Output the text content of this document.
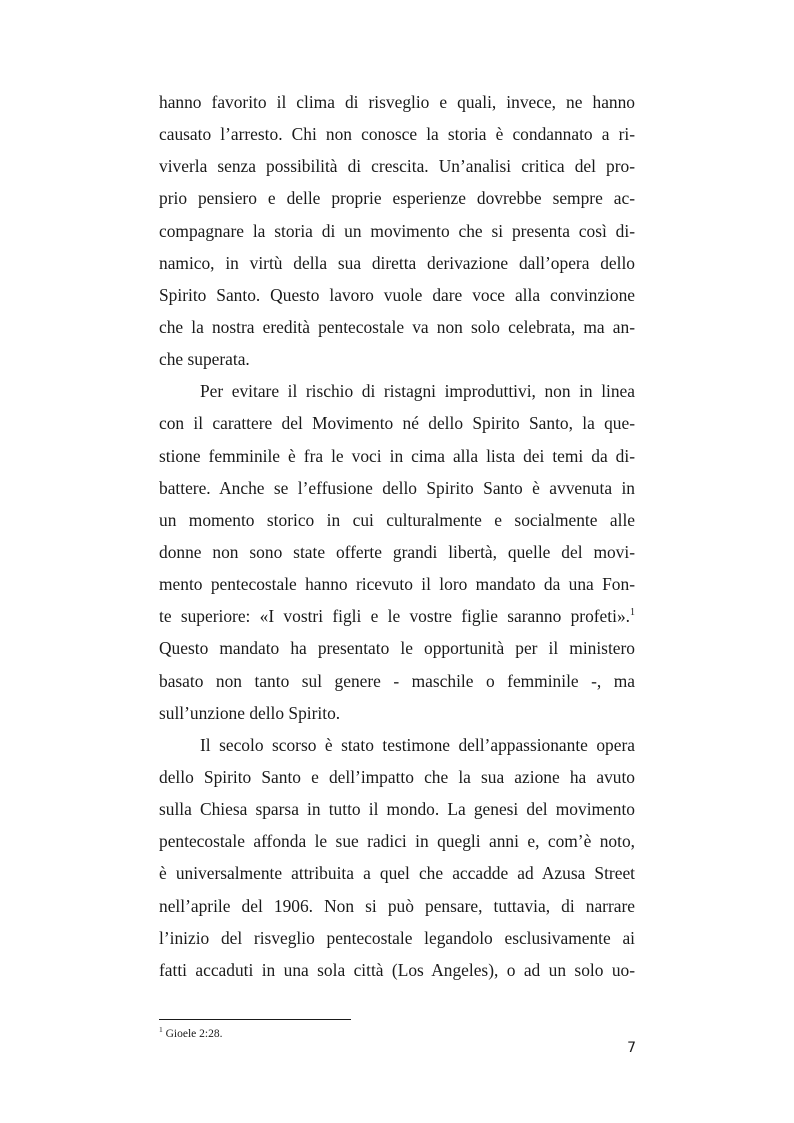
hanno favorito il clima di risveglio e quali, invece, ne hanno
causato l’arresto. Chi non conosce la storia è condannato a ri-
viverla senza possibilità di crescita. Un’analisi critica del pro-
prio pensiero e delle proprie esperienze dovrebbe sempre ac-
compagnare la storia di un movimento che si presenta così di-
namico, in virtù della sua diretta derivazione dall’opera dello
Spirito Santo. Questo lavoro vuole dare voce alla convinzione
che la nostra eredità pentecostale va non solo celebrata, ma an-
che superata.
Per evitare il rischio di ristagni improduttivi, non in linea
con il carattere del Movimento né dello Spirito Santo, la que-
stione femminile è fra le voci in cima alla lista dei temi da di-
battere. Anche se l’effusione dello Spirito Santo è avvenuta in
un momento storico in cui culturalmente e socialmente alle
donne non sono state offerte grandi libertà, quelle del movi-
mento pentecostale hanno ricevuto il loro mandato da una Fon-
te superiore: «I vostri figli e le vostre figlie saranno profeti».$^1$
Questo mandato ha presentato le opportunità per il ministero
basato non tanto sul genere - maschile o femminile -, ma
sull’unzione dello Spirito.
Il secolo scorso è stato testimone dell’appassionante opera
dello Spirito Santo e dell’impatto che la sua azione ha avuto
sulla Chiesa sparsa in tutto il mondo. La genesi del movimento
pentecostale affonda le sue radici in quegli anni e, com’è noto,
è universalmente attribuita a quel che accadde ad Azusa Street
nell’aprile del 1906. Non si può pensare, tuttavia, di narrare
l’inizio del risveglio pentecostale legandolo esclusivamente ai
fatti accaduti in una sola città (Los Angeles), o ad un solo uo-
$^1$ Gioele 2:28.
7
